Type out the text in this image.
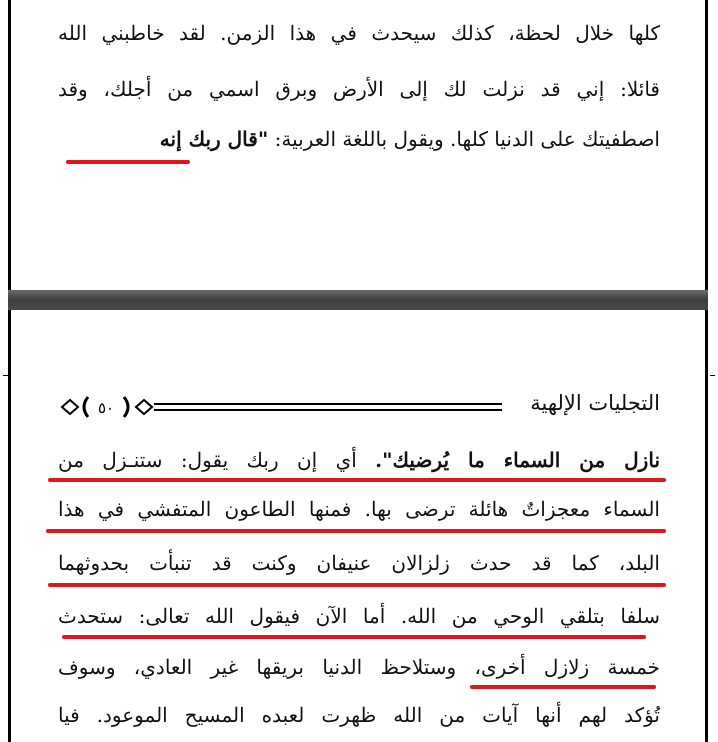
كلها خلال لحظة، كذلك سيحدث في هذا الزمن. لقد خاطبني الله
قائلا: إني قد نزلت لك إلى الأرض وبرق اسمي من أجلك، وقد
اصطفيتك على الدنيا كلها. ويقول باللغة العربية: "قال ربك إنه
التجليات الإلهية
٥٠
نازل من السماء ما يُرضيك". أي إن ربك يقول: ستنـزل من
السماء معجزاتٌ هائلة ترضى بها. فمنها الطاعون المتفشي في هذا
البلد، كما قد حدث زلزالان عنيفان وكنت قد تنبأت بحدوثهما
سلفا بتلقي الوحي من الله. أما الآن فيقول الله تعالى: ستحدث
خمسة زلازل أخرى، وستلاحظ الدنيا بريقها غير العادي، وسوف
تُؤكد لهم أنها آيات من الله ظهرت لعبده المسيح الموعود. فيا
